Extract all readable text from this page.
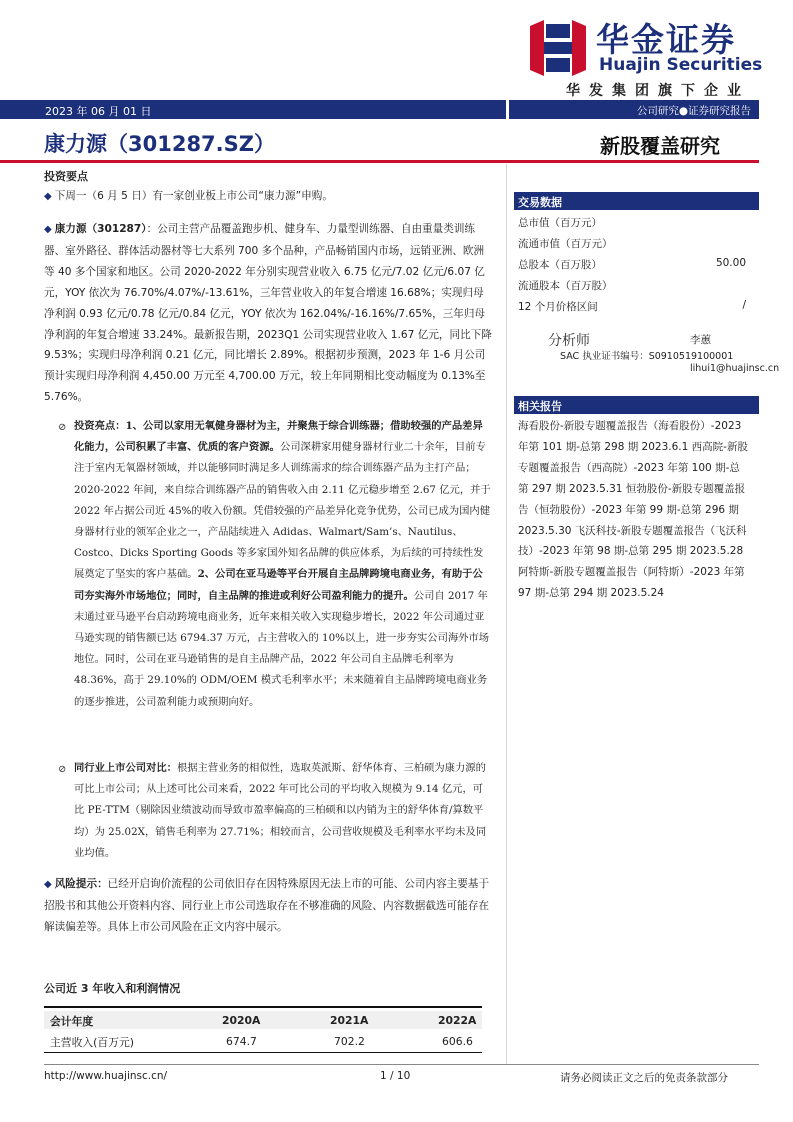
华金证券
Huajin Securities
华发集团旗下企业
2023 年 06 月 01 日	公司研究●证券研究报告
康力源（301287.SZ）	新股覆盖研究
投资要点
◆ 下周一（6 月 5 日）有一家创业板上市公司“康力源”申购。
◆ 康力源（301287）：公司主营产品覆盖跑步机、健身车、力量型训练器、自由重量类训练器、室外路径、群体活动器材等七大系列 700 多个品种，产品畅销国内市场，远销亚洲、欧洲等 40 多个国家和地区。公司 2020-2022 年分别实现营业收入 6.75 亿元/7.02 亿元/6.07 亿元，YOY 依次为 76.70%/4.07%/-13.61%，三年营业收入的年复合增速 16.68%；实现归母净利润 0.93 亿元/0.78 亿元/0.84 亿元，YOY 依次为 162.04%/-16.16%/7.65%，三年归母净利润的年复合增速 33.24%。最新报告期，2023Q1 公司实现营业收入 1.67 亿元，同比下降 9.53%；实现归母净利润 0.21 亿元，同比增长 2.89%。根据初步预测，2023 年 1-6 月公司预计实现归母净利润 4,450.00 万元至 4,700.00 万元，较上年同期相比变动幅度为 0.13%至 5.76%。
⊘ 投资亮点：1、公司以家用无氧健身器材为主，并聚焦于综合训练器；借助较强的产品差异化能力，公司积累了丰富、优质的客户资源。公司深耕家用健身器材行业二十余年，目前专注于室内无氧器材领域，并以能够同时满足多人训练需求的综合训练器产品为主打产品；2020-2022 年间，来自综合训练器产品的销售收入由 2.11 亿元稳步增至 2.67 亿元，并于 2022 年占据公司近 45%的收入份额。凭借较强的产品差异化竞争优势，公司已成为国内健身器材行业的领军企业之一，产品陆续进入 Adidas、Walmart/Sam’s、Nautilus、Costco、Dicks Sporting Goods 等多家国外知名品牌的供应体系，为后续的可持续性发展奠定了坚实的客户基础。2、公司在亚马逊等平台开展自主品牌跨境电商业务，有助于公司夯实海外市场地位；同时，自主品牌的推进或利好公司盈利能力的提升。公司自 2017 年末通过亚马逊平台启动跨境电商业务，近年来相关收入实现稳步增长，2022 年公司通过亚马逊实现的销售额已达 6794.37 万元，占主营收入的 10%以上，进一步夯实公司海外市场地位。同时，公司在亚马逊销售的是自主品牌产品，2022 年公司自主品牌毛利率为 48.36%，高于 29.10%的 ODM/OEM 模式毛利率水平；未来随着自主品牌跨境电商业务的逐步推进，公司盈利能力或预期向好。
⊘ 同行业上市公司对比：根据主营业务的相似性，选取英派斯、舒华体育、三柏硕为康力源的可比上市公司；从上述可比公司来看，2022 年可比公司的平均收入规模为 9.14 亿元，可比 PE-TTM（剔除因业绩波动而导致市盈率偏高的三柏硕和以内销为主的舒华体育/算数平均）为 25.02X，销售毛利率为 27.71%；相较而言，公司营收规模及毛利率水平均未及同业均值。
◆ 风险提示：已经开启询价流程的公司依旧存在因特殊原因无法上市的可能、公司内容主要基于招股书和其他公开资料内容、同行业上市公司选取存在不够准确的风险、内容数据截选可能存在解读偏差等。具体上市公司风险在正文内容中展示。
交易数据
总市值（百万元）
流通市值（百万元）
总股本（百万股）	50.00
流通股本（百万股）
12 个月价格区间	/
分析师	李蕙
SAC 执业证书编号：S0910519100001
lihui1@huajinsc.cn
相关报告
海看股份-新股专题覆盖报告（海看股份）-2023 年第 101 期-总第 298 期 2023.6.1 西高院-新股专题覆盖报告（西高院）-2023 年第 100 期-总第 297 期 2023.5.31 恒勃股份-新股专题覆盖报告（恒勃股份）-2023 年第 99 期-总第 296 期 2023.5.30 飞沃科技-新股专题覆盖报告（飞沃科技）-2023 年第 98 期-总第 295 期 2023.5.28 阿特斯-新股专题覆盖报告（阿特斯）-2023 年第 97 期-总第 294 期 2023.5.24
公司近 3 年收入和利润情况
会计年度	2020A	2021A	2022A
主营收入(百万元)	674.7	702.2	606.6
http://www.huajinsc.cn/	1 / 10	请务必阅读正文之后的免责条款部分
